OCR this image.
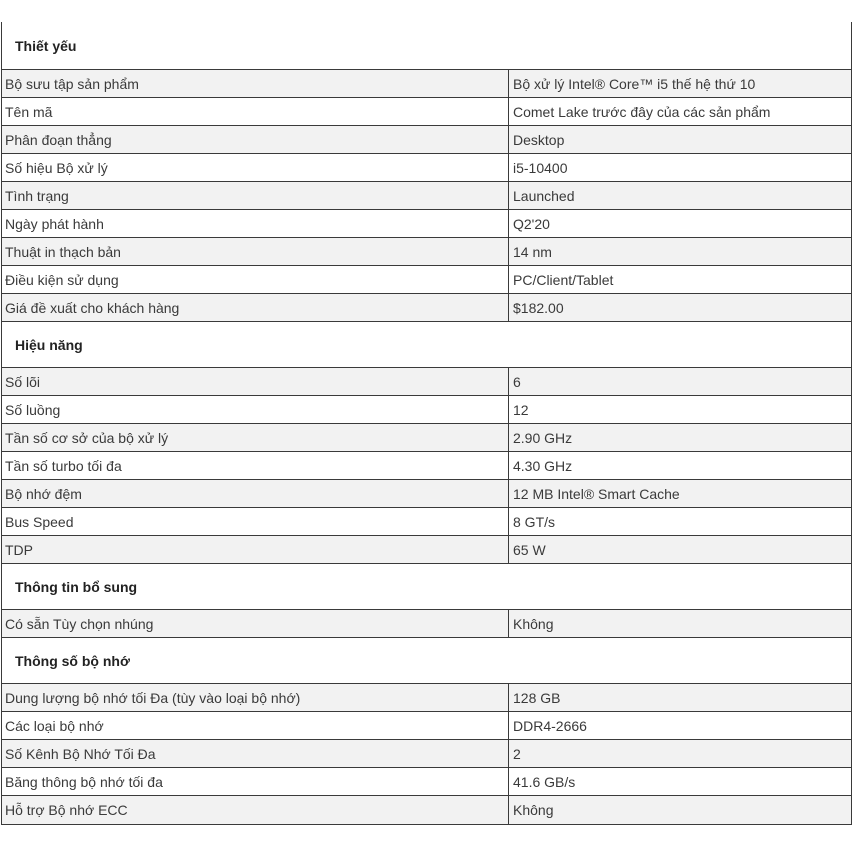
Thiết yếu
Bộ sưu tập sản phẩm	Bộ xử lý Intel® Core™ i5 thế hệ thứ 10
Tên mã	Comet Lake trước đây của các sản phẩm
Phân đoạn thẳng	Desktop
Số hiệu Bộ xử lý	i5-10400
Tình trạng	Launched
Ngày phát hành	Q2'20
Thuật in thạch bản	14 nm
Điều kiện sử dụng	PC/Client/Tablet
Giá đề xuất cho khách hàng	$182.00
Hiệu năng
Số lõi	6
Số luồng	12
Tần số cơ sở của bộ xử lý	2.90 GHz
Tần số turbo tối đa	4.30 GHz
Bộ nhớ đệm	12 MB Intel® Smart Cache
Bus Speed	8 GT/s
TDP	65 W
Thông tin bổ sung
Có sẵn Tùy chọn nhúng	Không
Thông số bộ nhớ
Dung lượng bộ nhớ tối Đa (tùy vào loại bộ nhớ)	128 GB
Các loại bộ nhớ	DDR4-2666
Số Kênh Bộ Nhớ Tối Đa	2
Băng thông bộ nhớ tối đa	41.6 GB/s
Hỗ trợ Bộ nhớ ECC	Không
